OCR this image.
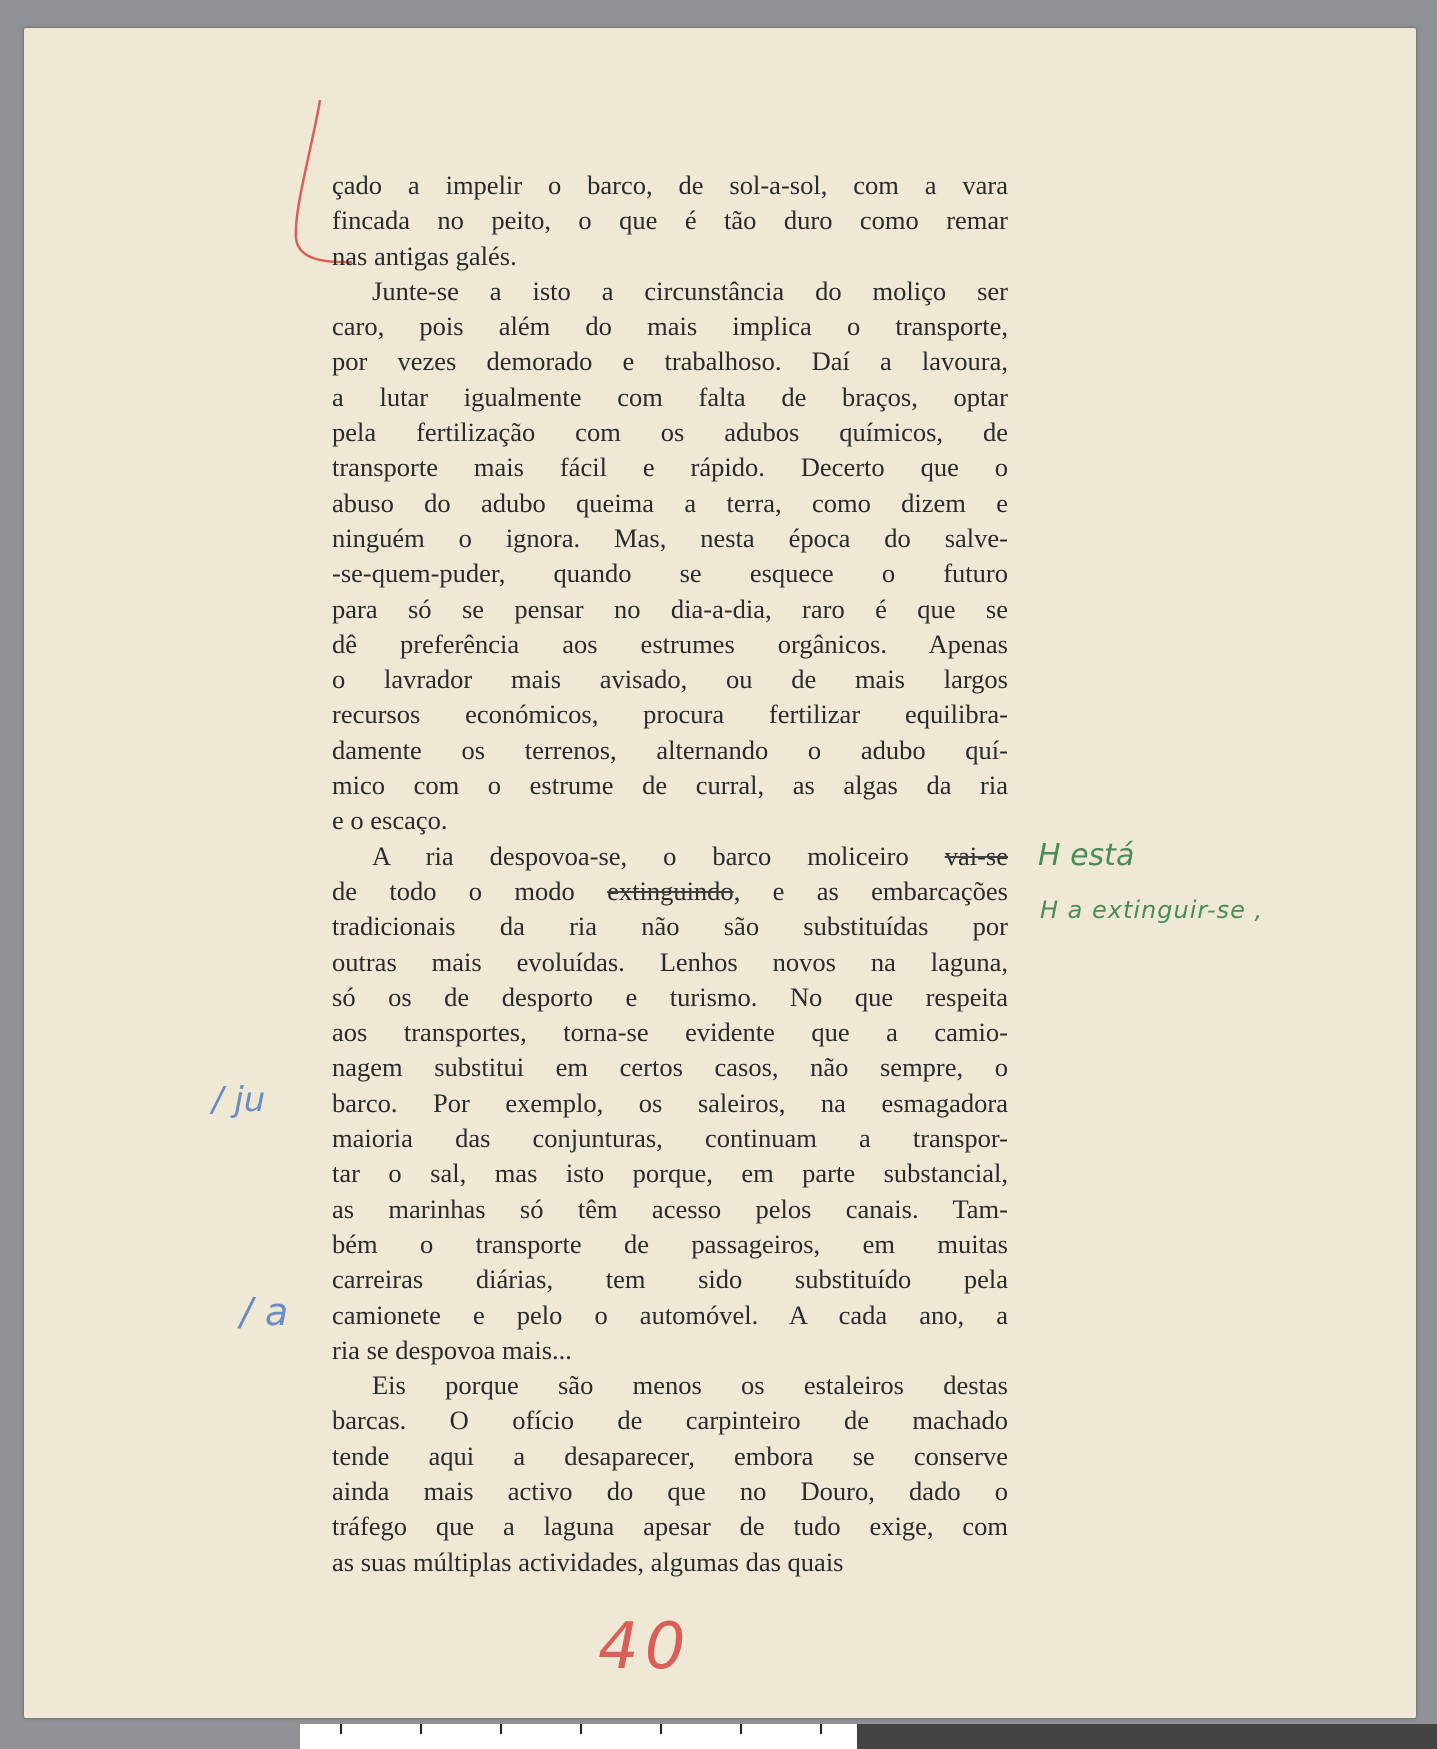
çado a impelir o barco, de sol-a-sol, com a vara
fincada no peito, o que é tão duro como remar
nas antigas galés.

Junte-se a isto a circunstância do moliço ser
caro, pois além do mais implica o transporte,
por vezes demorado e trabalhoso. Daí a lavoura,
a lutar igualmente com falta de braços, optar
pela fertilização com os adubos químicos, de
transporte mais fácil e rápido. Decerto que o
abuso do adubo queima a terra, como dizem e
ninguém o ignora. Mas, nesta época do salve-
-se-quem-puder, quando se esquece o futuro
para só se pensar no dia-a-dia, raro é que se
dê preferência aos estrumes orgânicos. Apenas
o lavrador mais avisado, ou de mais largos
recursos económicos, procura fertilizar equilibra-
damente os terrenos, alternando o adubo quí-
mico com o estrume de curral, as algas da ria
e o escaço.

A ria despovoa-se, o barco moliceiro vai-se
de todo o modo extinguindo, e as embarcações
tradicionais da ria não são substituídas por
outras mais evoluídas. Lenhos novos na laguna,
só os de desporto e turismo. No que respeita
aos transportes, torna-se evidente que a camio-
nagem substitui em certos casos, não sempre, o
barco. Por exemplo, os saleiros, na esmagadora
maioria das conjunturas, continuam a transpor-
tar o sal, mas isto porque, em parte substancial,
as marinhas só têm acesso pelos canais. Tam-
bém o transporte de passageiros, em muitas
carreiras diárias, tem sido substituído pela
camionete e pelo o automóvel. A cada ano, a
ria se despovoa mais...

Eis porque são menos os estaleiros destas
barcas. O ofício de carpinteiro de machado
tende aqui a desaparecer, embora se conserve
ainda mais activo do que no Douro, dado o
tráfego que a laguna apesar de tudo exige, com
as suas múltiplas actividades, algumas das quais

H está
H a extinguir-se ,
/ ju
/ a
40
